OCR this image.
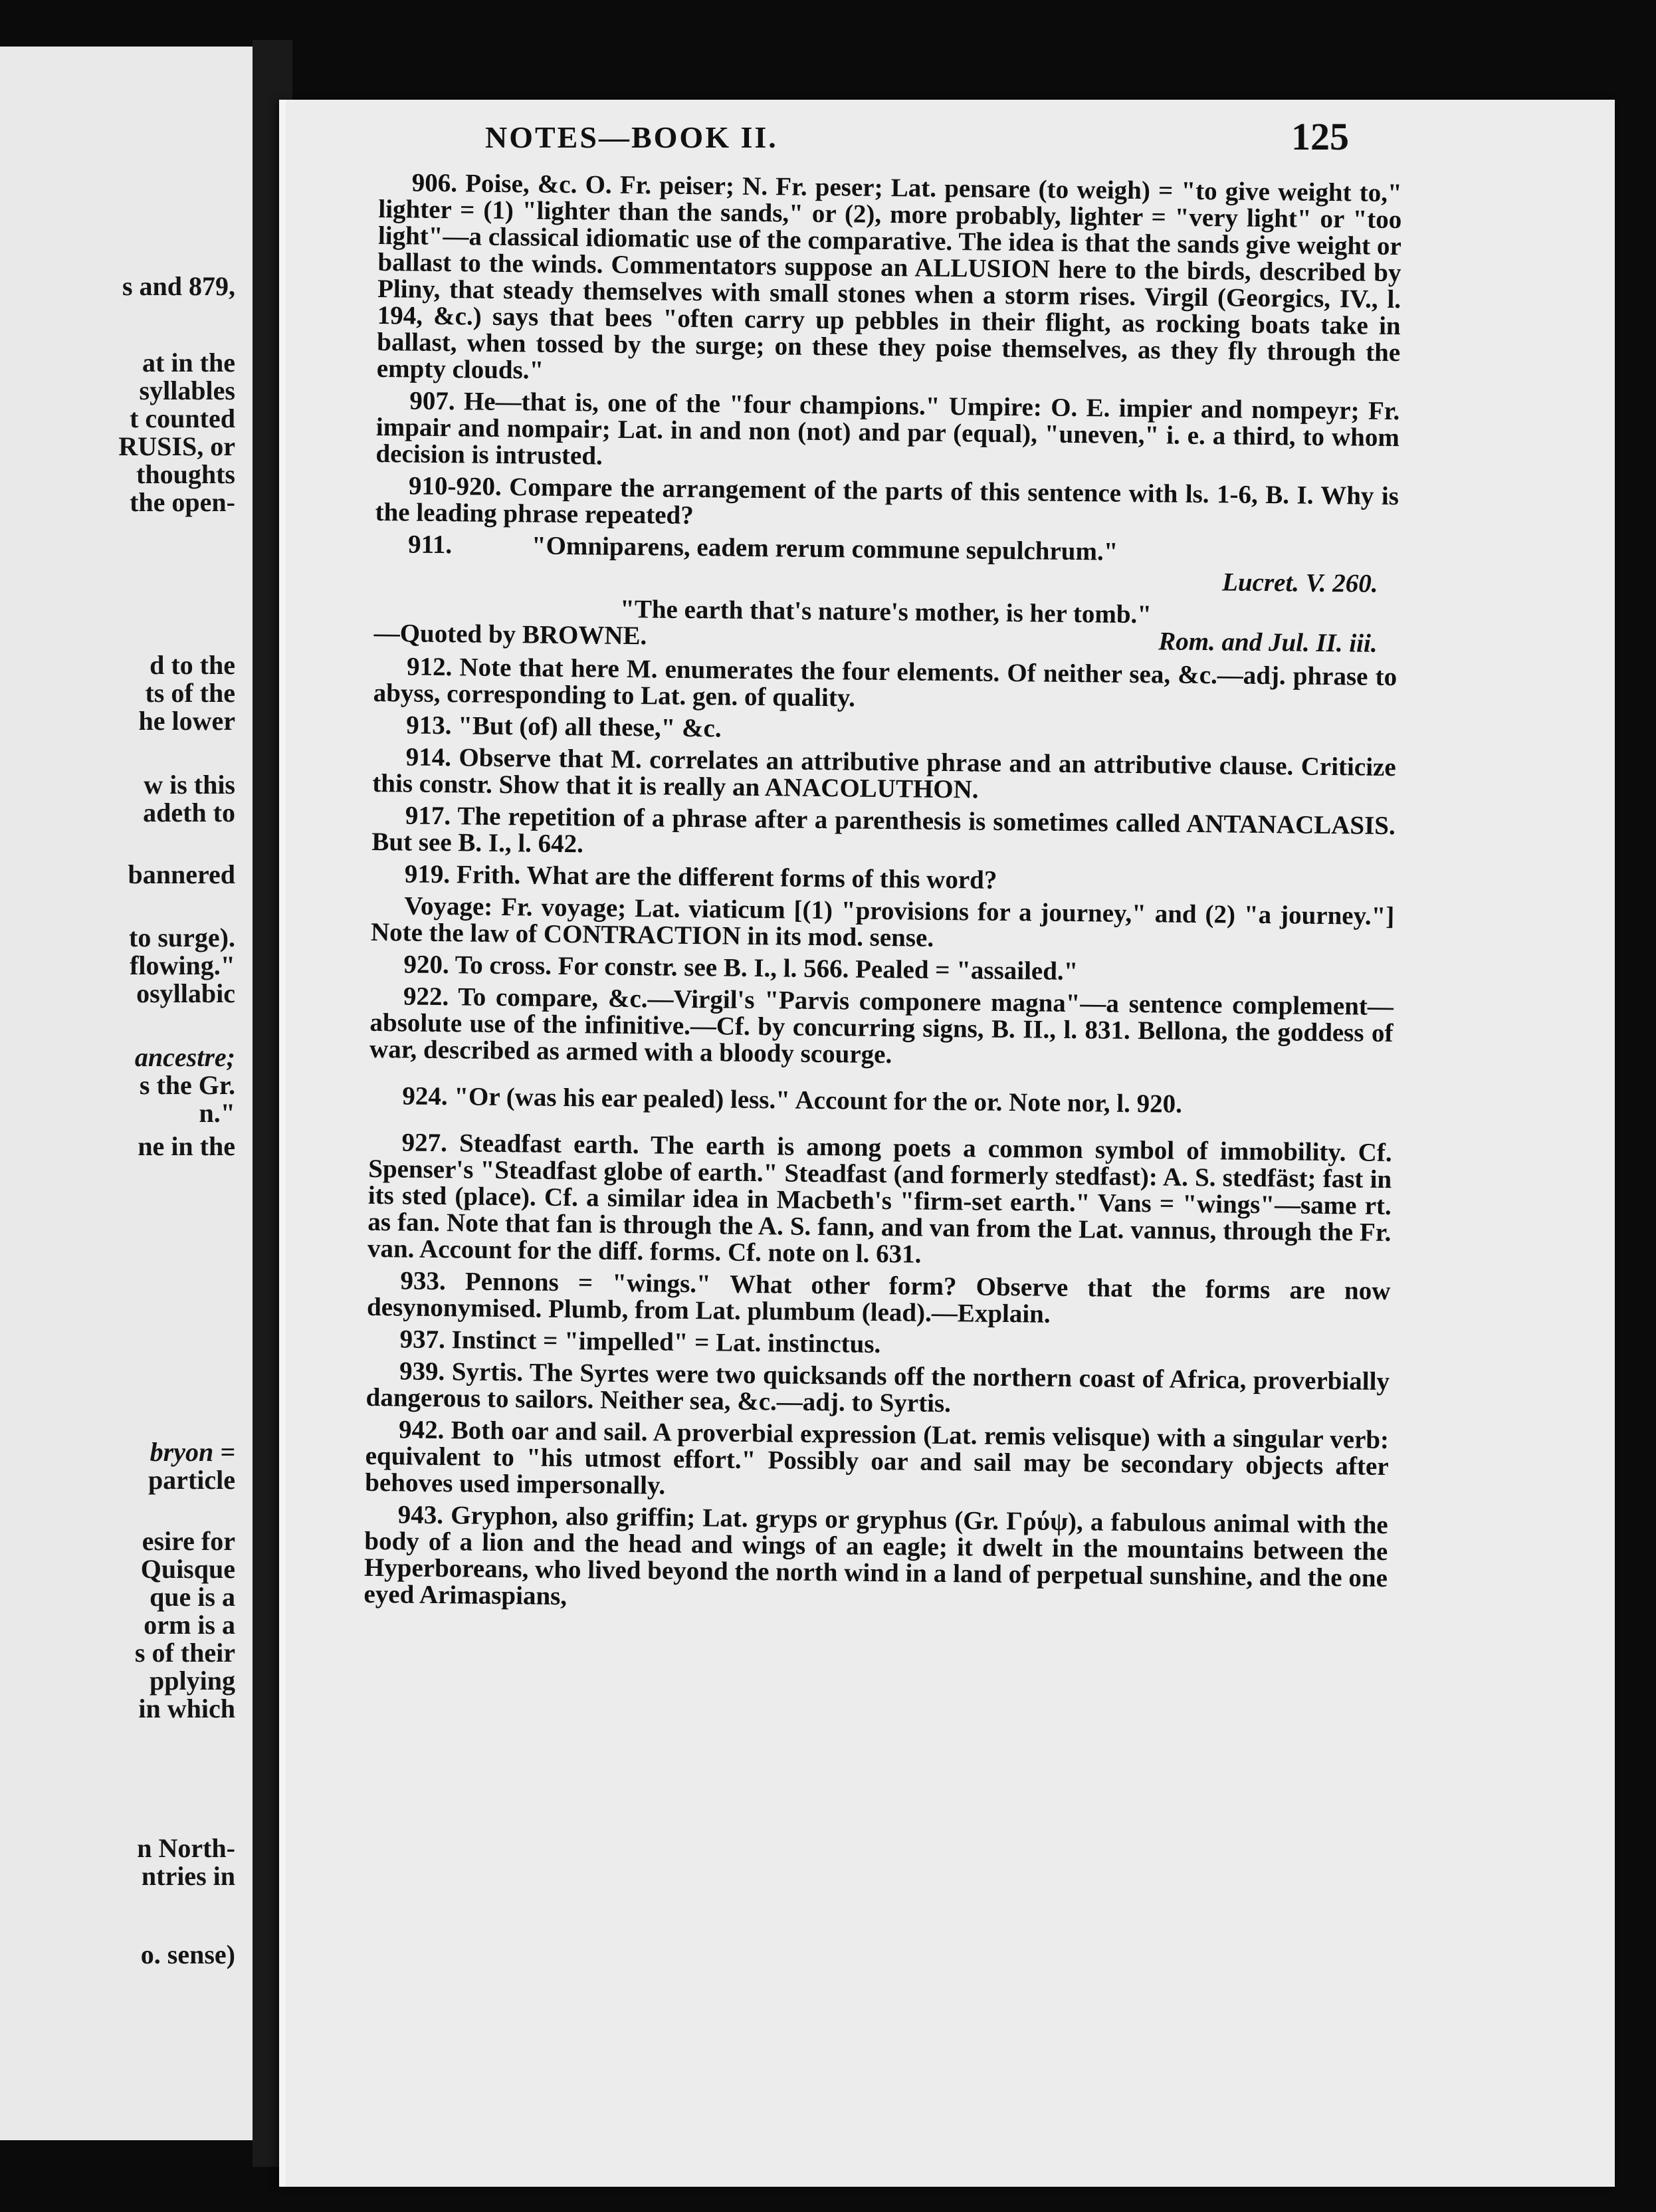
s and 879,
at in the
syllables
t counted
RUSIS, or
thoughts
the open-
d to the
ts of the
he lower
w is this
adeth to
bannered
to surge).
flowing."
osyllabic
ancestre;
s the Gr.
n."
ne in the
bryon =
particle
esire for
Quisque
que is a
orm is a
s of their
pplying
in which
n North-
ntries in
o. sense)
NOTES—BOOK II.	125

906. Poise, &c. O. Fr. peiser; N. Fr. peser; Lat. pensare (to weigh) = "to give weight to," lighter = (1) "lighter than the sands," or (2), more probably, lighter = "very light" or "too light"—a classical idiomatic use of the comparative. The idea is that the sands give weight or ballast to the winds. Commentators suppose an ALLUSION here to the birds, described by Pliny, that steady themselves with small stones when a storm rises. Virgil (Georgics, IV., l. 194, &c.) says that bees "often carry up pebbles in their flight, as rocking boats take in ballast, when tossed by the surge; on these they poise themselves, as they fly through the empty clouds."

907. He—that is, one of the "four champions." Umpire: O. E. impier and nompeyr; Fr. impair and nompair; Lat. in and non (not) and par (equal), "uneven," i. e. a third, to whom decision is intrusted.

910-920. Compare the arrangement of the parts of this sentence with ls. 1-6, B. I. Why is the leading phrase repeated?

911.	"Omniparens, eadem rerum commune sepulchrum."

Lucret. V. 260.

"The earth that's nature's mother, is her tomb."

—Quoted by BROWNE.	Rom. and Jul. II. iii.

912. Note that here M. enumerates the four elements. Of neither sea, &c.—adj. phrase to abyss, corresponding to Lat. gen. of quality.

913. "But (of) all these," &c.

914. Observe that M. correlates an attributive phrase and an attributive clause. Criticize this constr. Show that it is really an ANACOLUTHON.

917. The repetition of a phrase after a parenthesis is sometimes called ANTANACLASIS. But see B. I., l. 642.

919. Frith. What are the different forms of this word?

Voyage: Fr. voyage; Lat. viaticum [(1) "provisions for a journey," and (2) "a journey."] Note the law of CONTRACTION in its mod. sense.

920. To cross. For constr. see B. I., l. 566. Pealed = "assailed."

922. To compare, &c.—Virgil's "Parvis componere magna"—a sentence complement—absolute use of the infinitive.—Cf. by concurring signs, B. II., l. 831. Bellona, the goddess of war, described as armed with a bloody scourge.

924. "Or (was his ear pealed) less." Account for the or. Note nor, l. 920.

927. Steadfast earth. The earth is among poets a common symbol of immobility. Cf. Spenser's "Steadfast globe of earth." Steadfast (and formerly stedfast): A. S. stedfäst; fast in its sted (place). Cf. a similar idea in Macbeth's "firm-set earth." Vans = "wings"—same rt. as fan. Note that fan is through the A. S. fann, and van from the Lat. vannus, through the Fr. van. Account for the diff. forms. Cf. note on l. 631.

933. Pennons = "wings." What other form? Observe that the forms are now desynonymised. Plumb, from Lat. plumbum (lead).—Explain.

937. Instinct = "impelled" = Lat. instinctus.

939. Syrtis. The Syrtes were two quicksands off the northern coast of Africa, proverbially dangerous to sailors. Neither sea, &c.—adj. to Syrtis.

942. Both oar and sail. A proverbial expression (Lat. remis velisque) with a singular verb: equivalent to "his utmost effort." Possibly oar and sail may be secondary objects after behoves used impersonally.

943. Gryphon, also griffin; Lat. gryps or gryphus (Gr. Γρύψ), a fabulous animal with the body of a lion and the head and wings of an eagle; it dwelt in the mountains between the Hyperboreans, who lived beyond the north wind in a land of perpetual sunshine, and the one eyed Arimaspians,
